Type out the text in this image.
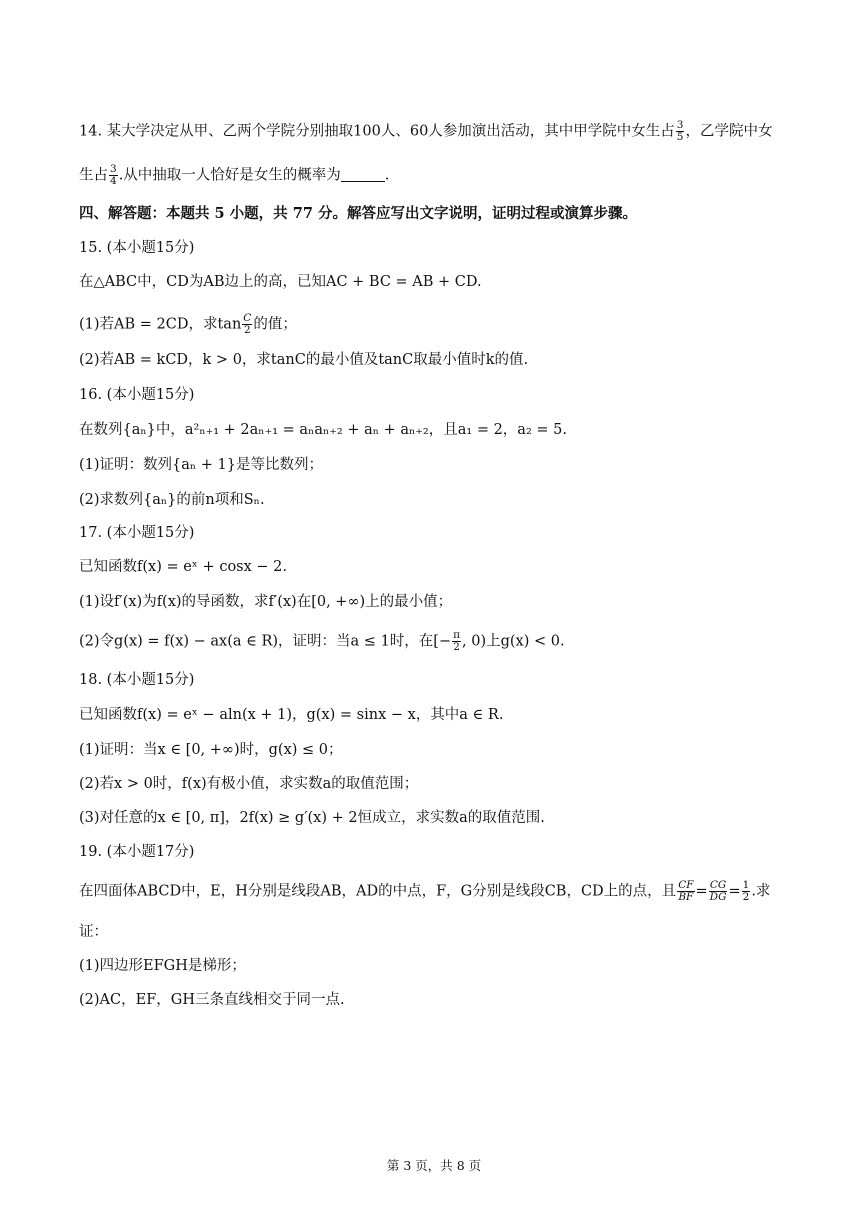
14. 某大学决定从甲、乙两个学院分别抽取100人、60人参加演出活动，其中甲学院中女生占 $\frac{3}{5}$ ，乙学院中女
生占 $\frac{3}{4}$ .从中抽取一人恰好是女生的概率为	.
四、解答题：本题共 5 小题，共 77 分。解答应写出文字说明，证明过程或演算步骤。
15. (本小题15分)
在△ABC中，CD为AB边上的高，已知AC + BC = AB + CD.
(1)若AB = 2CD，求$\tan \frac{C}{2}$ 的值；
(2)若AB = kCD，k > 0，求tanC的最小值及tanC取最小值时k的值.
16. (本小题15分)
在数列{aₙ}中，a²ₙ₊₁ + 2aₙ₊₁ = aₙaₙ₊₂ + aₙ + aₙ₊₂，且a₁ = 2，a₂ = 5.
(1)证明：数列{aₙ + 1}是等比数列；
(2)求数列{aₙ}的前n项和Sₙ.
17. (本小题15分)
已知函数f(x) = eˣ + cosx − 2.
(1)设f′(x)为f(x)的导函数，求f′(x)在[0, +∞)上的最小值；
(2)令g(x) = f(x) − ax(a ∈ R)，证明：当a ≤ 1时，在[− $\frac{\pi}{2}$ , 0)上g(x) < 0.
18. (本小题15分)
已知函数f(x) = eˣ − aln(x + 1)，g(x) = sinx − x，其中a ∈ R.
(1)证明：当x ∈ [0, +∞)时，g(x) ≤ 0；
(2)若x > 0时，f(x)有极小值，求实数a的取值范围；
(3)对任意的x ∈ [0, π]，2f(x) ≥ g′(x) + 2恒成立，求实数a的取值范围.
19. (本小题17分)
在四面体ABCD中，E，H分别是线段AB，AD的中点，F，G分别是线段CB，CD上的点，且 $\frac{CF}{BF} = \frac{CG}{DG} = \frac{1}{2}$ .求
证：
(1)四边形EFGH是梯形；
(2)AC，EF，GH三条直线相交于同一点.
第 3 页，共 8 页
